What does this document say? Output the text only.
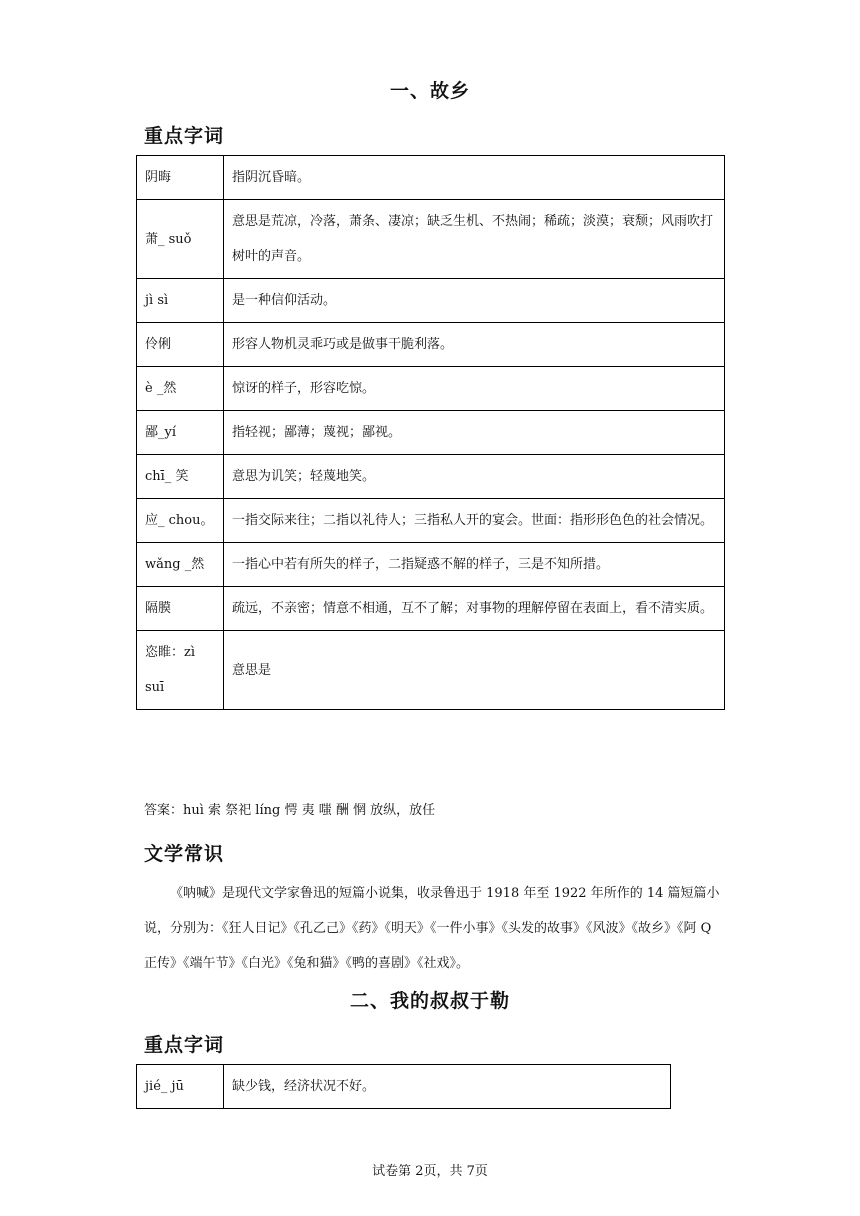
一、故乡
重点字词
阴晦	指阴沉昏暗。
萧_ suǒ	意思是荒凉，冷落，萧条、凄凉；缺乏生机、不热闹；稀疏；淡漠；衰颓；风雨吹打树叶的声音。
jì sì	是一种信仰活动。
伶俐	形容人物机灵乖巧或是做事干脆利落。
è _然	惊讶的样子，形容吃惊。
鄙_yí	指轻视；鄙薄；蔑视；鄙视。
chī_ 笑	意思为讥笑；轻蔑地笑。
应_ chou。	一指交际来往；二指以礼待人；三指私人开的宴会。世面：指形形色色的社会情况。
wǎng _然	一指心中若有所失的样子，二指疑惑不解的样子，三是不知所措。
隔膜	疏远，不亲密；情意不相通，互不了解；对事物的理解停留在表面上，看不清实质。
恣睢：zì suī	意思是
答案：huì 索 祭祀 líng 愕 夷 嗤 酬 惘 放纵，放任
文学常识
《呐喊》是现代文学家鲁迅的短篇小说集，收录鲁迅于 1918 年至 1922 年所作的 14 篇短篇小说，分别为：《狂人日记》《孔乙己》《药》《明天》《一件小事》《头发的故事》《风波》《故乡》《阿 Q 正传》《端午节》《白光》《兔和猫》《鸭的喜剧》《社戏》。
二、我的叔叔于勒
重点字词
jié_ jū	缺少钱，经济状况不好。
试卷第 2页，共 7页
